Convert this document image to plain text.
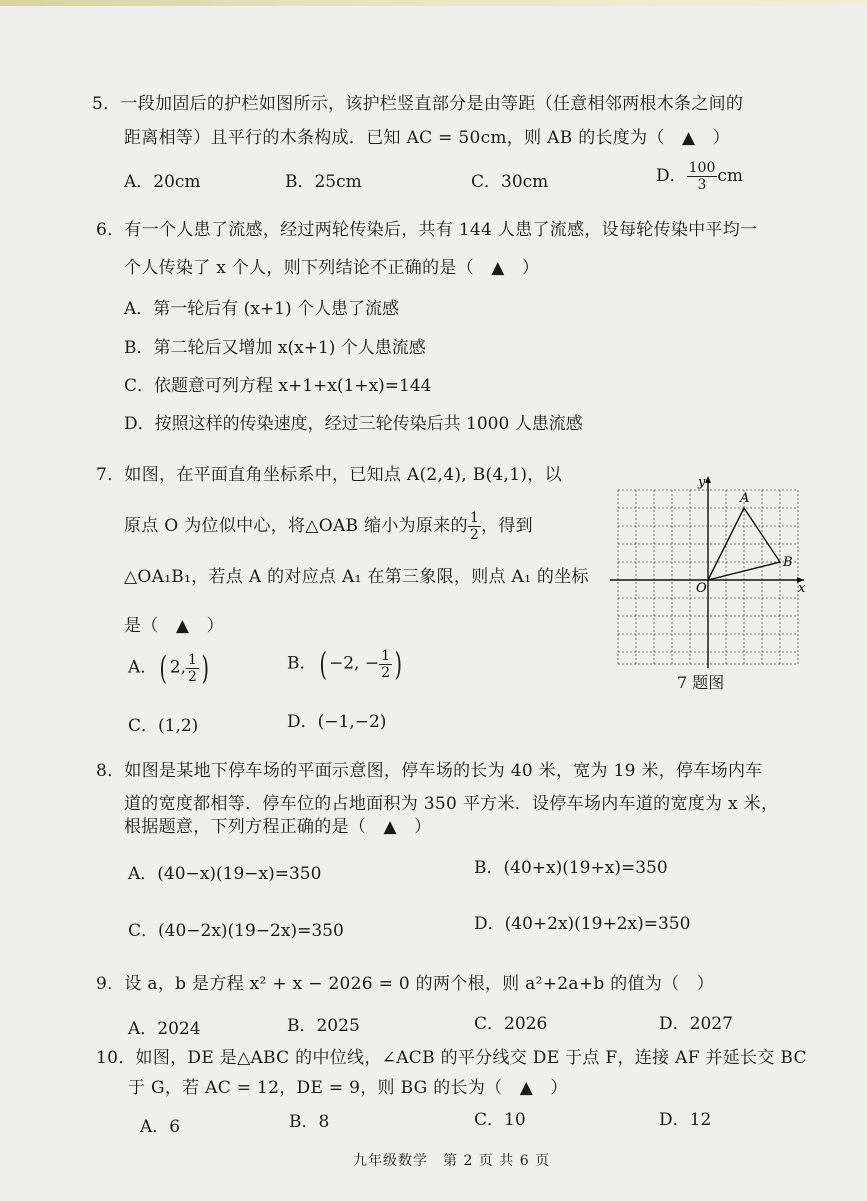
5．一段加固后的护栏如图所示，该护栏竖直部分是由等距（任意相邻两根木条之间的
距离相等）且平行的木条构成．已知 AC = 50cm，则 AB 的长度为（　▲　）
A．20cm	B．25cm	C．30cm	D． $\frac{100}{3}$ cm
6．有一个人患了流感，经过两轮传染后，共有 144 人患了流感，设每轮传染中平均一
个人传染了 x 个人，则下列结论不正确的是（　▲　）
A．第一轮后有 (x+1) 个人患了流感
B．第二轮后又增加 x(x+1) 个人患流感
C．依题意可列方程 x+1+x(1+x)=144
D．按照这样的传染速度，经过三轮传染后共 1000 人患流感
7．如图，在平面直角坐标系中，已知点 A(2,4), B(4,1)，以
原点 O 为位似中心，将△OAB 缩小为原来的 $\frac{1}{2}$ ，得到
△OA₁B₁，若点 A 的对应点 A₁ 在第三象限，则点 A₁ 的坐标
是（　▲　）
A．( 2, $\frac{1}{2}$ )	B．( −2, − $\frac{1}{2}$ )
C．(1,2)	D．(−1,−2)
A
B
O	x
y
7 题图
8．如图是某地下停车场的平面示意图，停车场的长为 40 米，宽为 19 米，停车场内车
道的宽度都相等．停车位的占地面积为 350 平方米．设停车场内车道的宽度为 x 米，
根据题意，下列方程正确的是（　▲　）
A．(40−x)(19−x)=350	B．(40+x)(19+x)=350
C．(40−2x)(19−2x)=350	D．(40+2x)(19+2x)=350
9．设 a，b 是方程 x² + x − 2026 = 0 的两个根，则 a²+2a+b 的值为（　）
A．2024	B．2025	C．2026	D．2027
10．如图，DE 是△ABC 的中位线，∠ACB 的平分线交 DE 于点 F，连接 AF 并延长交 BC
于 G，若 AC = 12，DE = 9，则 BG 的长为（　▲　）
A．6	B．8	C．10	D．12
九年级数学　第 2 页 共 6 页
